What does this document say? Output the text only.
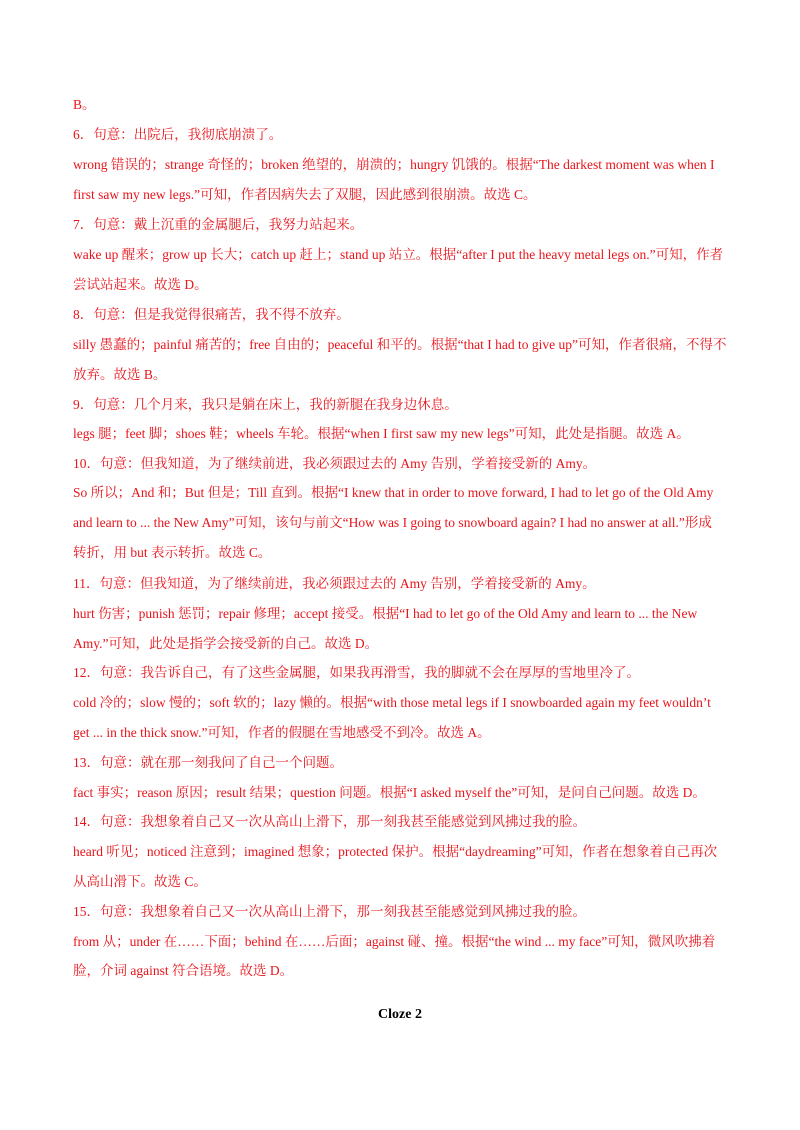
B。
6．句意：出院后，我彻底崩溃了。
wrong 错误的；strange 奇怪的；broken 绝望的，崩溃的；hungry 饥饿的。根据“The darkest moment was when I
first saw my new legs.”可知，作者因病失去了双腿，因此感到很崩溃。故选 C。
7．句意：戴上沉重的金属腿后，我努力站起来。
wake up 醒来；grow up 长大；catch up 赶上；stand up 站立。根据“after I put the heavy metal legs on.”可知，作者
尝试站起来。故选 D。
8．句意：但是我觉得很痛苦，我不得不放弃。
silly 愚蠢的；painful 痛苦的；free 自由的；peaceful 和平的。根据“that I had to give up”可知，作者很痛，不得不
放弃。故选 B。
9．句意：几个月来，我只是躺在床上，我的新腿在我身边休息。
legs 腿；feet 脚；shoes 鞋；wheels 车轮。根据“when I first saw my new legs”可知，此处是指腿。故选 A。
10．句意：但我知道，为了继续前进，我必须跟过去的 Amy 告别，学着接受新的 Amy。
So 所以；And 和；But 但是；Till 直到。根据“I knew that in order to move forward, I had to let go of the Old Amy
and learn to ... the New Amy”可知，该句与前文“How was I going to snowboard again? I had no answer at all.”形成
转折，用 but 表示转折。故选 C。
11．句意：但我知道，为了继续前进，我必须跟过去的 Amy 告别，学着接受新的 Amy。
hurt 伤害；punish 惩罚；repair 修理；accept 接受。根据“I had to let go of the Old Amy and learn to ... the New
Amy.”可知，此处是指学会接受新的自己。故选 D。
12．句意：我告诉自己，有了这些金属腿，如果我再滑雪，我的脚就不会在厚厚的雪地里冷了。
cold 冷的；slow 慢的；soft 软的；lazy 懒的。根据“with those metal legs if I snowboarded again my feet wouldn’t
get ... in the thick snow.”可知，作者的假腿在雪地感受不到冷。故选 A。
13．句意：就在那一刻我问了自己一个问题。
fact 事实；reason 原因；result 结果；question 问题。根据“I asked myself the”可知，是问自己问题。故选 D。
14．句意：我想象着自己又一次从高山上滑下，那一刻我甚至能感觉到风拂过我的脸。
heard 听见；noticed 注意到；imagined 想象；protected 保护。根据“daydreaming”可知，作者在想象着自己再次
从高山滑下。故选 C。
15．句意：我想象着自己又一次从高山上滑下，那一刻我甚至能感觉到风拂过我的脸。
from 从；under 在……下面；behind 在……后面；against 碰、撞。根据“the wind ... my face”可知，微风吹拂着
脸，介词 against 符合语境。故选 D。
Cloze 2
